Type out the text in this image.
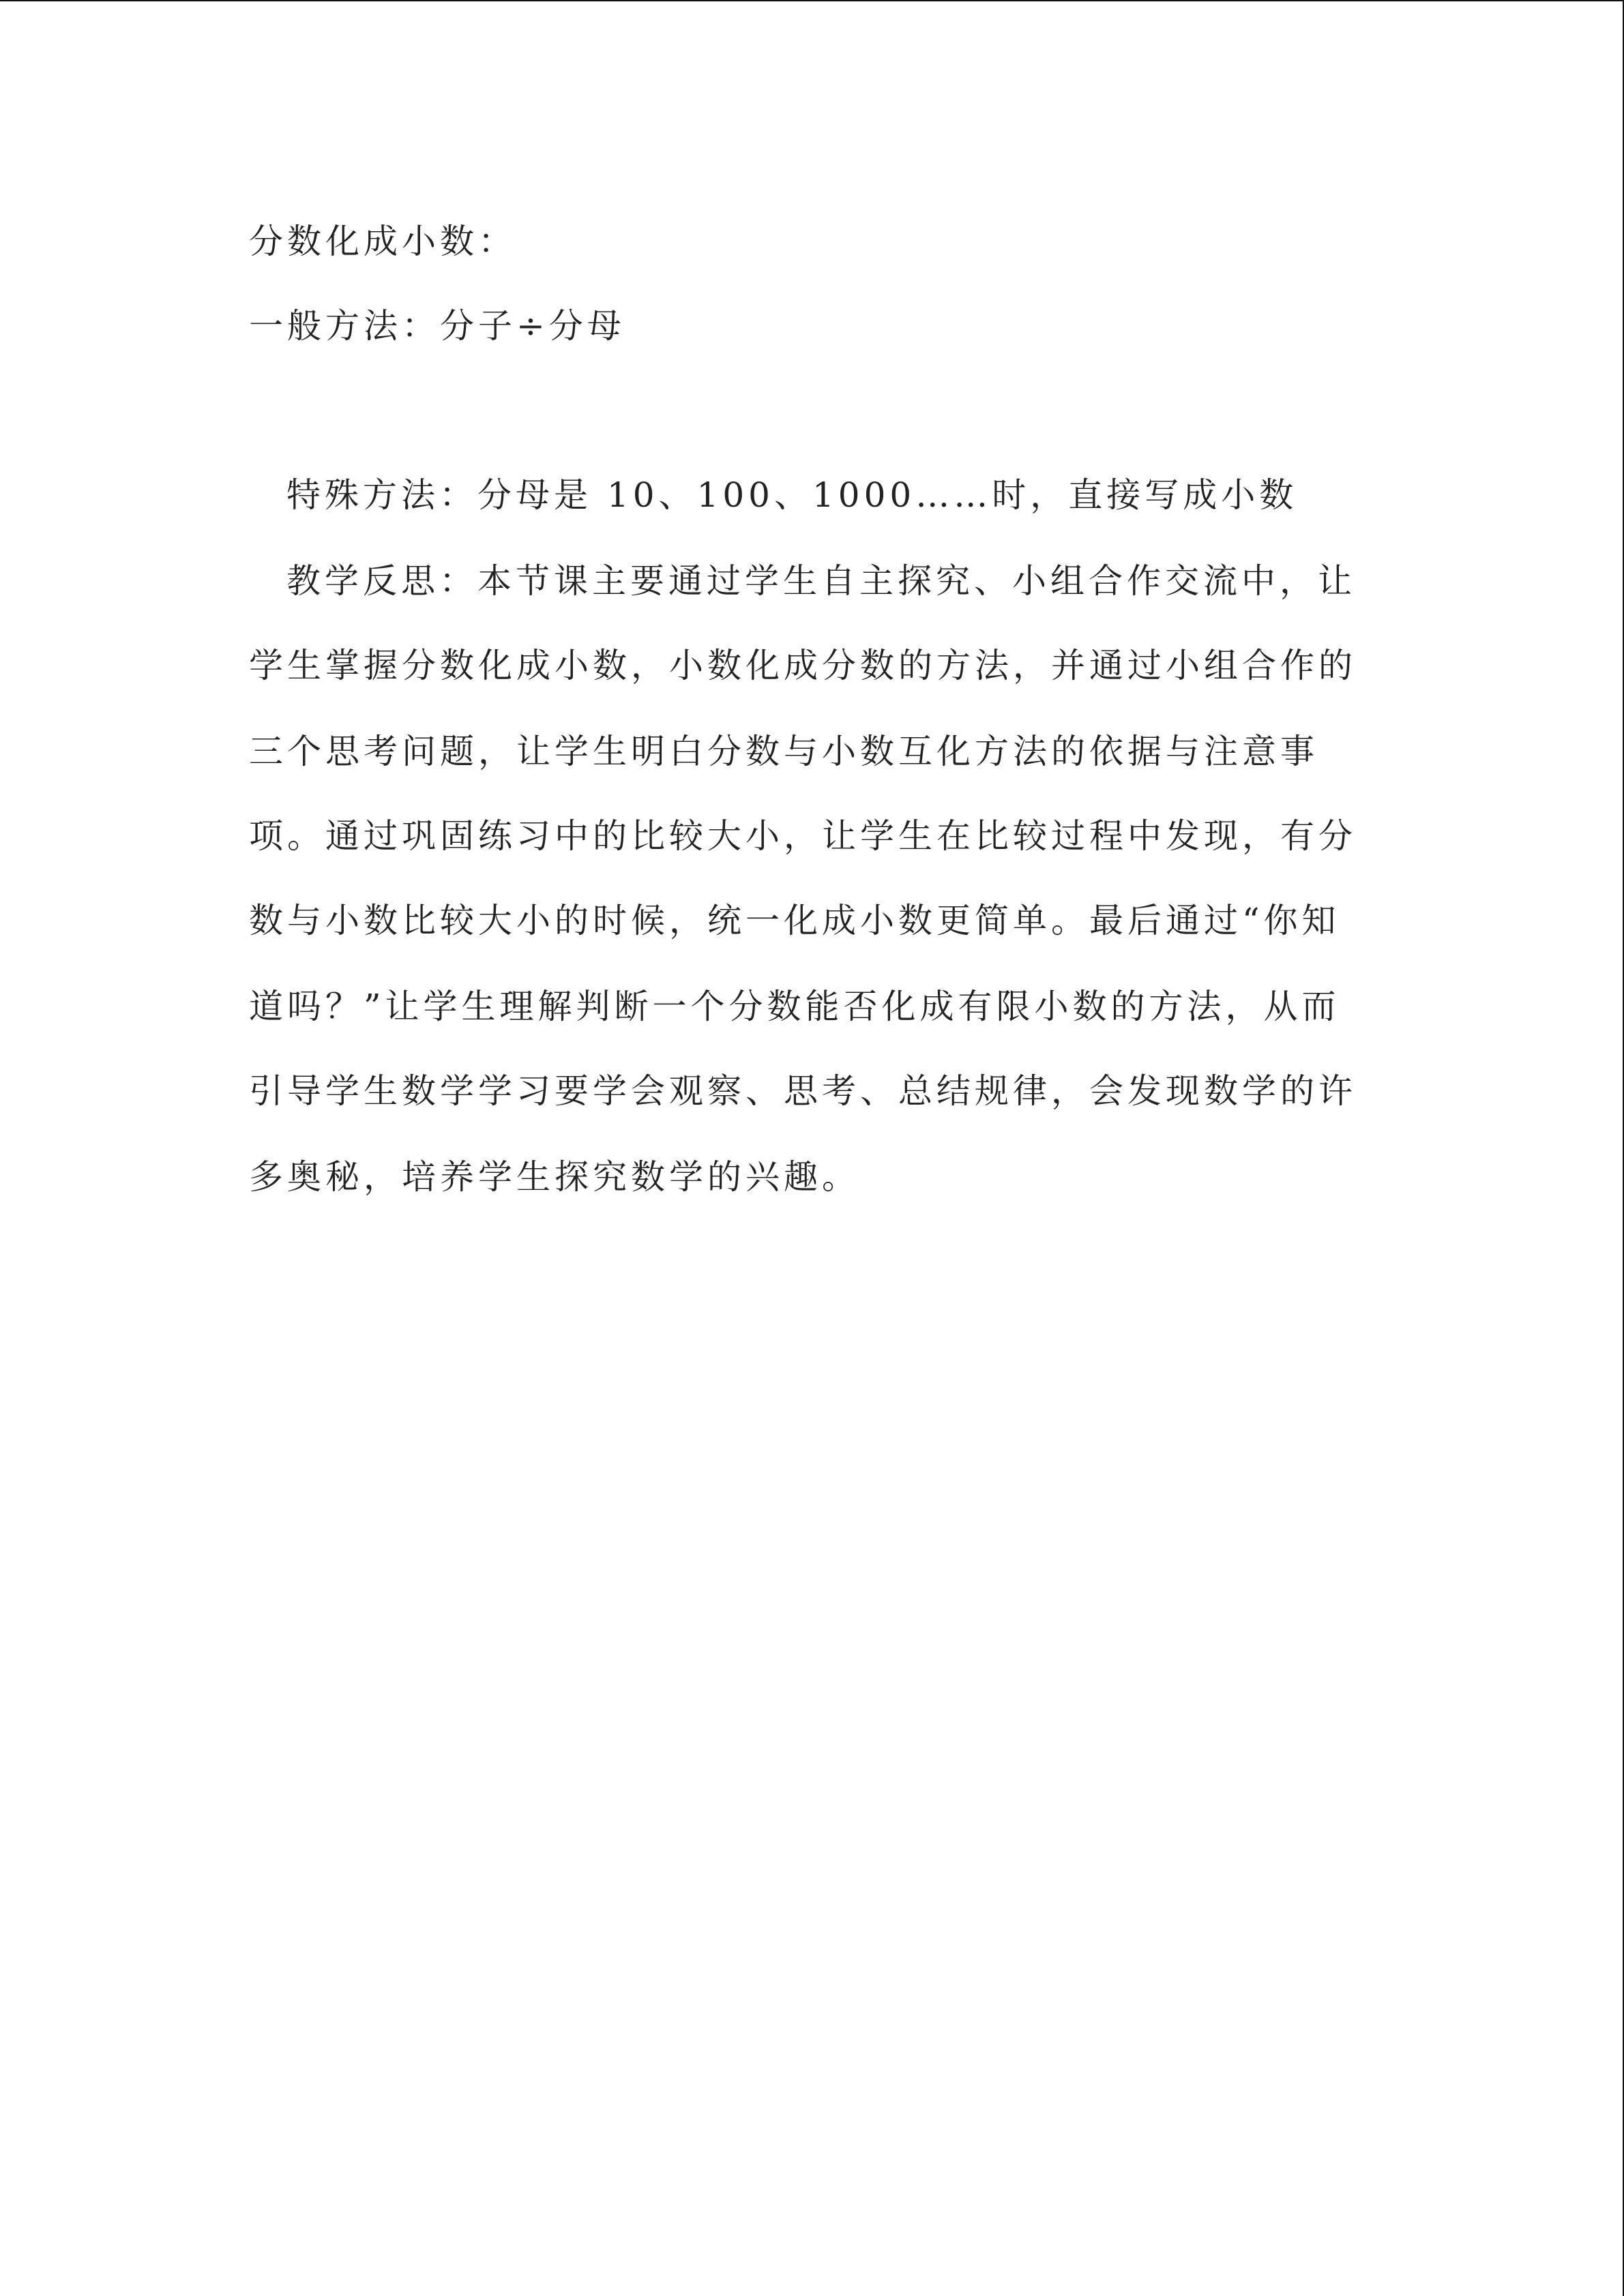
分数化成小数：
一般方法：分子÷分母
特殊方法：分母是 10、100、1000……时，直接写成小数
教学反思：本节课主要通过学生自主探究、小组合作交流中，让
学生掌握分数化成小数，小数化成分数的方法，并通过小组合作的
三个思考问题，让学生明白分数与小数互化方法的依据与注意事
项。通过巩固练习中的比较大小，让学生在比较过程中发现，有分
数与小数比较大小的时候，统一化成小数更简单。最后通过“你知
道吗？”让学生理解判断一个分数能否化成有限小数的方法，从而
引导学生数学学习要学会观察、思考、总结规律，会发现数学的许
多奥秘，培养学生探究数学的兴趣。
